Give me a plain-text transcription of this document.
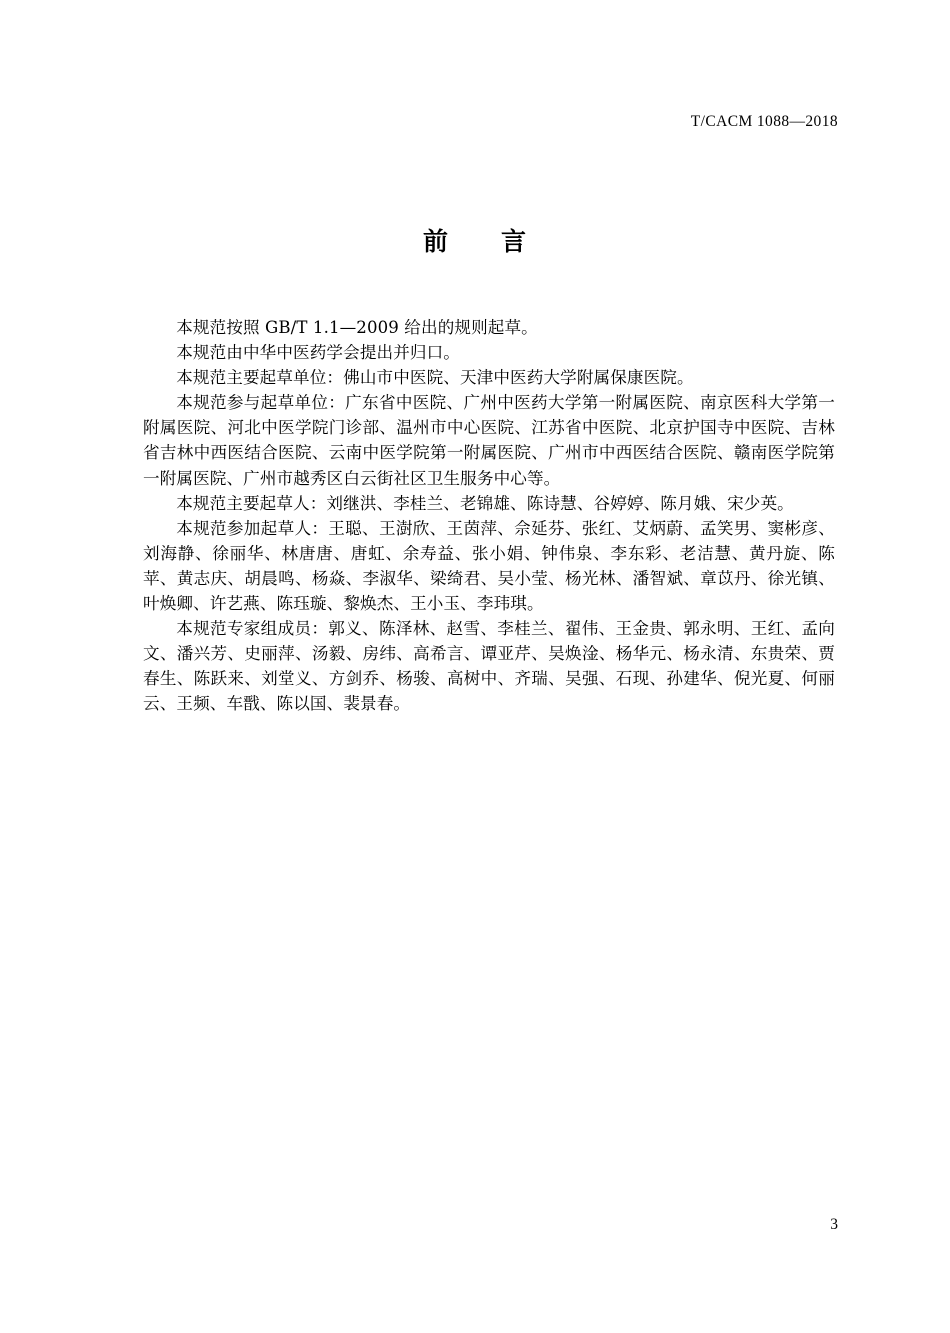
T/CACM 1088—2018
前　　言

本规范按照 GB/T 1.1—2009 给出的规则起草。

本规范由中华中医药学会提出并归口。

本规范主要起草单位：佛山市中医院、天津中医药大学附属保康医院。

本规范参与起草单位：广东省中医院、广州中医药大学第一附属医院、南京医科大学第一附属医院、河北中医学院门诊部、温州市中心医院、江苏省中医院、北京护国寺中医院、吉林省吉林中西医结合医院、云南中医学院第一附属医院、广州市中西医结合医院、赣南医学院第一附属医院、广州市越秀区白云街社区卫生服务中心等。

本规范主要起草人：刘继洪、李桂兰、老锦雄、陈诗慧、谷婷婷、陈月娥、宋少英。

本规范参加起草人：王聪、王澍欣、王茵萍、佘延芬、张红、艾炳蔚、孟笑男、窦彬彦、刘海静、徐丽华、林唐唐、唐虹、余寿益、张小娟、钟伟泉、李东彩、老洁慧、黄丹旋、陈苹、黄志庆、胡晨鸣、杨焱、李淑华、梁绮君、吴小莹、杨光林、潘智斌、章苡丹、徐光镇、叶焕卿、许艺燕、陈珏璇、黎焕杰、王小玉、李玮琪。

本规范专家组成员：郭义、陈泽林、赵雪、李桂兰、翟伟、王金贵、郭永明、王红、孟向文、潘兴芳、史丽萍、汤毅、房纬、高希言、谭亚芹、吴焕淦、杨华元、杨永清、东贵荣、贾春生、陈跃来、刘堂义、方剑乔、杨骏、高树中、齐瑞、吴强、石现、孙建华、倪光夏、何丽云、王频、车戬、陈以国、裴景春。

3
